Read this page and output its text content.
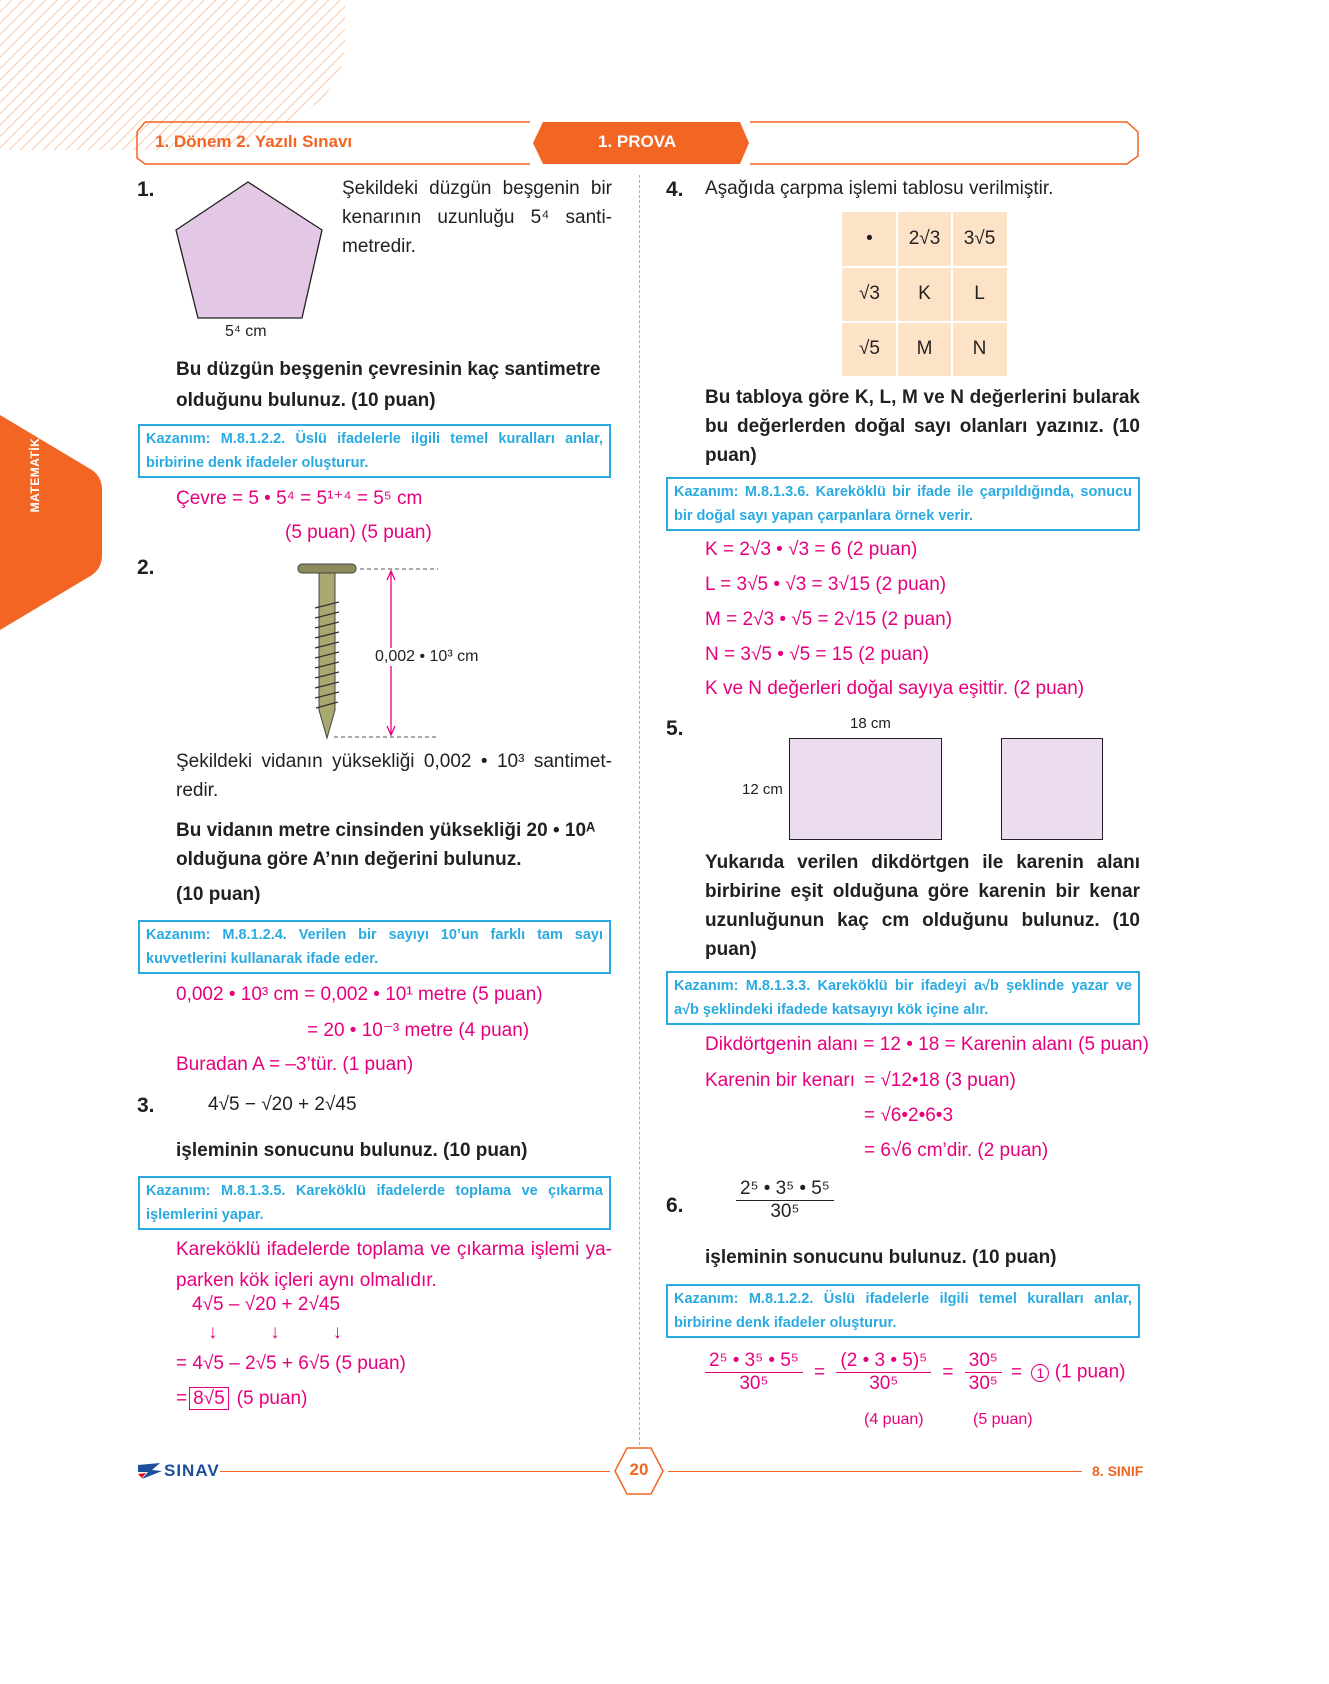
1. Dönem 2. Yazılı Sınavı	1. PROVA
MATEMATİK
1.
5⁴ cm
Şekildeki düzgün beşgenin bir kenarının uzunluğu 5⁴ santimetredir.
Bu düzgün beşgenin çevresinin kaç santimetre olduğunu bulunuz. (10 puan)
Kazanım: M.8.1.2.2. Üslü ifadelerle ilgili temel kuralları anlar, birbirine denk ifadeler oluşturur.
Çevre = 5 • 5⁴ = 5¹⁺⁴ = 5⁵ cm
(5 puan) (5 puan)
2.
0,002 • 10³ cm
Şekildeki vidanın yüksekliği 0,002 • 10³ santimetredir.
Bu vidanın metre cinsinden yüksekliği 20 • 10ᴬ olduğuna göre A’nın değerini bulunuz.
(10 puan)
Kazanım: M.8.1.2.4. Verilen bir sayıyı 10’un farklı tam sayı kuvvetlerini kullanarak ifade eder.
0,002 • 10³ cm = 0,002 • 10¹ metre (5 puan)
= 20 • 10⁻³ metre (4 puan)
Buradan A = –3’tür. (1 puan)
3.	4√5 − √20 + 2√45
işleminin sonucunu bulunuz. (10 puan)
Kazanım: M.8.1.3.5. Kareköklü ifadelerde toplama ve çıkarma işlemlerini yapar.
Kareköklü ifadelerde toplama ve çıkarma işlemi yaparken kök içleri aynı olmalıdır.
4√5 – √20 + 2√45
↓          ↓          ↓
= 4√5 – 2√5 + 6√5 (5 puan)
= 8√5 (5 puan)
4. Aşağıda çarpma işlemi tablosu verilmiştir.
•	2√3	3√5
√3	K	L
√5	M	N
Bu tabloya göre K, L, M ve N değerlerini bularak bu değerlerden doğal sayı olanları yazınız. (10 puan)
Kazanım: M.8.1.3.6. Kareköklü bir ifade ile çarpıldığında, sonucu bir doğal sayı yapan çarpanlara örnek verir.
K = 2√3 • √3 = 6 (2 puan)
L = 3√5 • √3 = 3√15 (2 puan)
M = 2√3 • √5 = 2√15 (2 puan)
N = 3√5 • √5 = 15 (2 puan)
K ve N değerleri doğal sayıya eşittir. (2 puan)
5.	18 cm
12 cm
Yukarıda verilen dikdörtgen ile karenin alanı birbirine eşit olduğuna göre karenin bir kenar uzunluğunun kaç cm olduğunu bulunuz. (10 puan)
Kazanım: M.8.1.3.3. Kareköklü bir ifadeyi a√b şeklinde yazar ve a√b şeklindeki ifadede katsayıyı kök içine alır.
Dikdörtgenin alanı = 12 • 18 = Karenin alanı (5 puan)
Karenin bir kenarı = √12•18 (3 puan)
= √6•2•6•3
= 6√6 cm’dir. (2 puan)
6.	$\frac{\text{2⁵ • 3⁵ • 5⁵}}{\text{30⁵}}$
işleminin sonucunu bulunuz. (10 puan)
Kazanım: M.8.1.2.2. Üslü ifadelerle ilgili temel kuralları anlar, birbirine denk ifadeler oluşturur.
$\frac{\text{2⁵ • 3⁵ • 5⁵}}{\text{30⁵}} = \frac{\text{(2 • 3 • 5)⁵}}{\text{30⁵}} = \frac{\text{30⁵}}{\text{30⁵}} = 1$ (1 puan)
(4 puan)	(5 puan)
SINAV	20	8. SINIF
